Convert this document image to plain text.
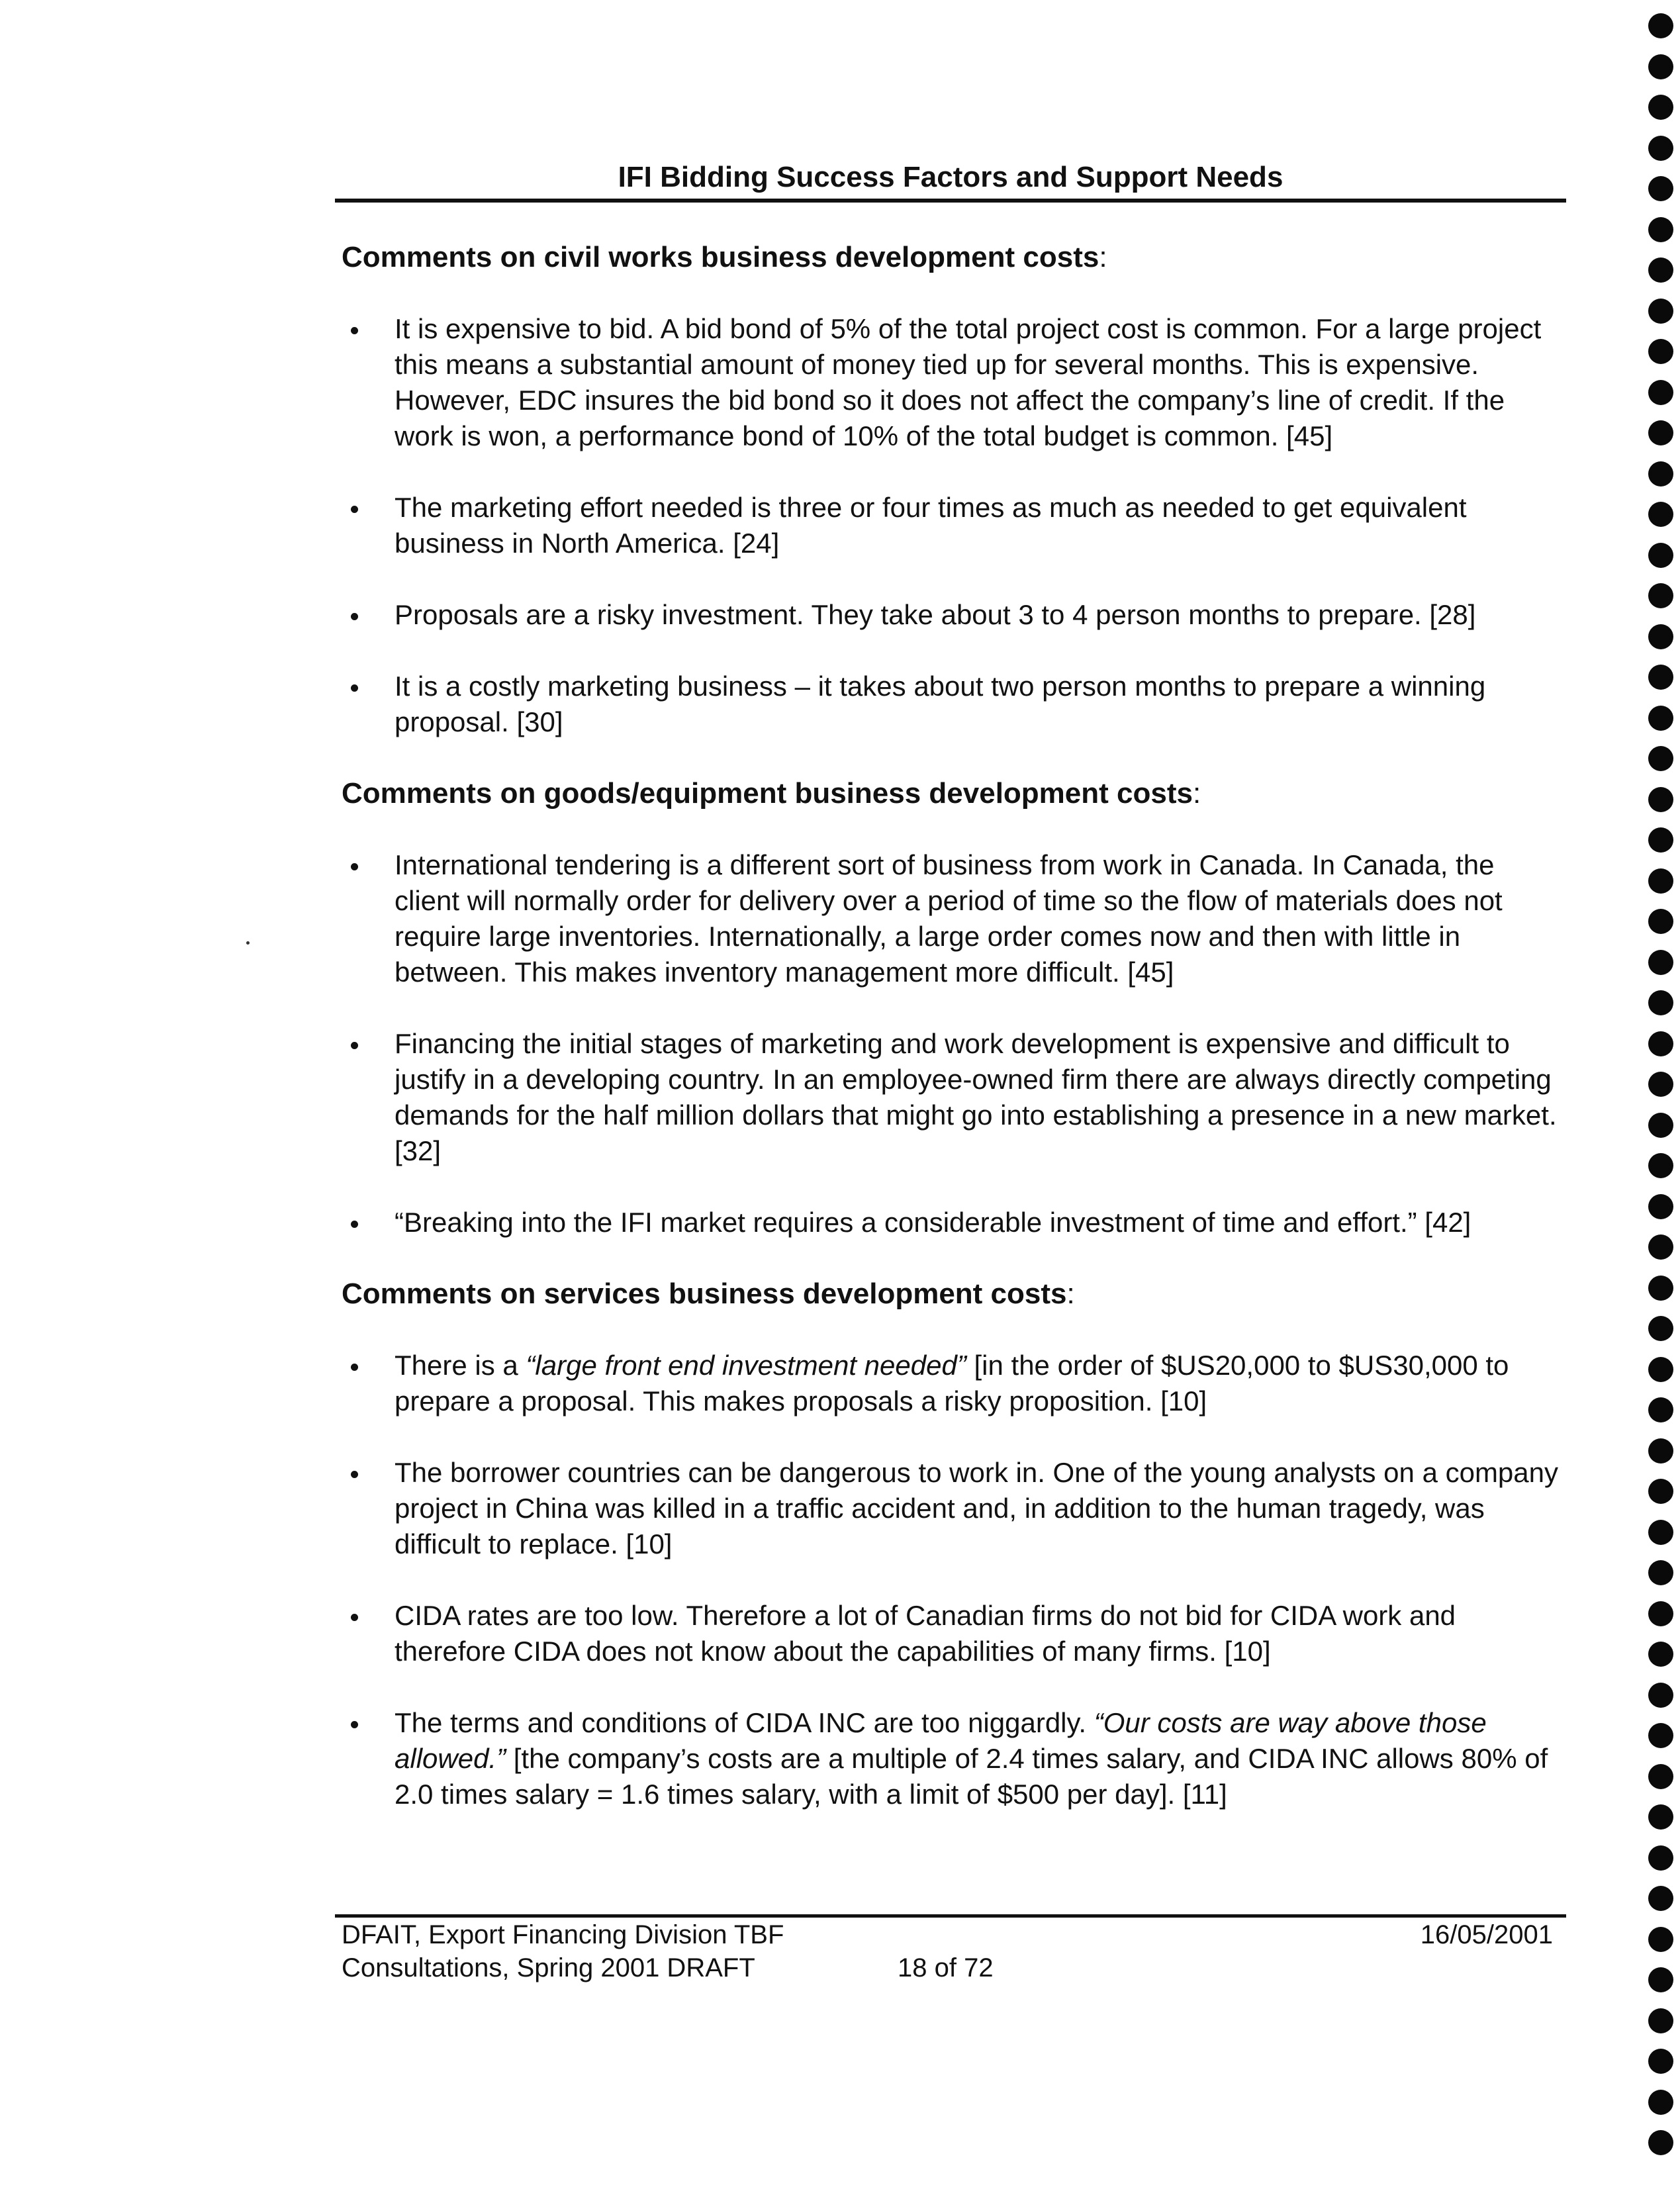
IFI Bidding Success Factors and Support Needs
Comments on civil works business development costs:
It is expensive to bid. A bid bond of 5% of the total project cost is common. For a large project this means a substantial amount of money tied up for several months. This is expensive. However, EDC insures the bid bond so it does not affect the company’s line of credit. If the work is won, a performance bond of 10% of the total budget is common. [45]
The marketing effort needed is three or four times as much as needed to get equivalent business in North America. [24]
Proposals are a risky investment. They take about 3 to 4 person months to prepare. [28]
It is a costly marketing business – it takes about two person months to prepare a winning proposal. [30]
Comments on goods/equipment business development costs:
International tendering is a different sort of business from work in Canada. In Canada, the client will normally order for delivery over a period of time so the flow of materials does not require large inventories. Internationally, a large order comes now and then with little in between. This makes inventory management more difficult. [45]
Financing the initial stages of marketing and work development is expensive and difficult to justify in a developing country. In an employee-owned firm there are always directly competing demands for the half million dollars that might go into establishing a presence in a new market. [32]
“Breaking into the IFI market requires a considerable investment of time and effort.” [42]
Comments on services business development costs:
There is a “large front end investment needed” [in the order of $US20,000 to $US30,000 to prepare a proposal. This makes proposals a risky proposition. [10]
The borrower countries can be dangerous to work in. One of the young analysts on a company project in China was killed in a traffic accident and, in addition to the human tragedy, was difficult to replace. [10]
CIDA rates are too low. Therefore a lot of Canadian firms do not bid for CIDA work and therefore CIDA does not know about the capabilities of many firms. [10]
The terms and conditions of CIDA INC are too niggardly. “Our costs are way above those allowed.” [the company’s costs are a multiple of 2.4 times salary, and CIDA INC allows 80% of 2.0 times salary = 1.6 times salary, with a limit of $500 per day]. [11]
DFAIT, Export Financing Division TBF	16/05/2001
Consultations, Spring 2001 DRAFT	18 of 72
